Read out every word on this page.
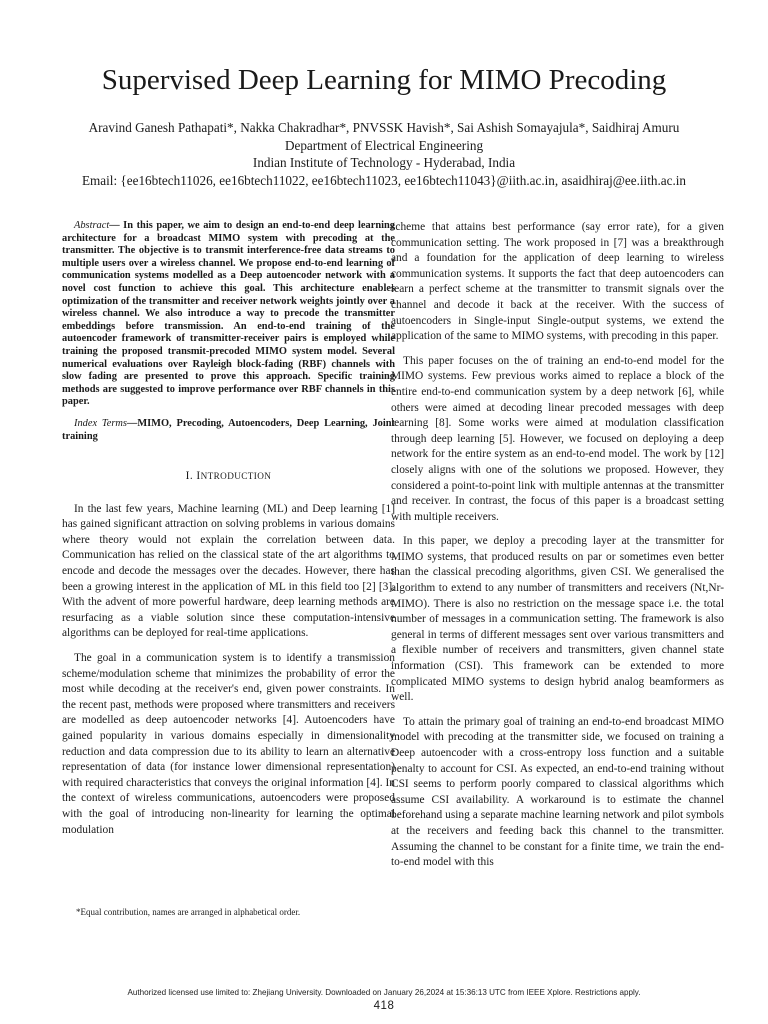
Supervised Deep Learning for MIMO Precoding
Aravind Ganesh Pathapati*, Nakka Chakradhar*, PNVSSK Havish*, Sai Ashish Somayajula*, Saidhiraj Amuru
Department of Electrical Engineering
Indian Institute of Technology - Hyderabad, India
Email: {ee16btech11026, ee16btech11022, ee16btech11023, ee16btech11043}@iith.ac.in, asaidhiraj@ee.iith.ac.in

Abstract— In this paper, we aim to design an end-to-end deep learning architecture for a broadcast MIMO system with precoding at the transmitter. The objective is to transmit interference-free data streams to multiple users over a wireless channel. We propose end-to-end learning of communication systems modelled as a Deep autoencoder network with a novel cost function to achieve this goal. This architecture enables optimization of the transmitter and receiver network weights jointly over a wireless channel. We also introduce a way to precode the transmitter embeddings before transmission. An end-to-end training of the autoencoder framework of transmitter-receiver pairs is employed while training the proposed transmit-precoded MIMO system model. Several numerical evaluations over Rayleigh block-fading (RBF) channels with slow fading are presented to prove this approach. Specific training methods are suggested to improve performance over RBF channels in this paper.

Index Terms—MIMO, Precoding, Autoencoders, Deep Learning, Joint training

I. INTRODUCTION

In the last few years, Machine learning (ML) and Deep learning [1] has gained significant attraction on solving problems in various domains where theory would not explain the correlation between data. Communication has relied on the classical state of the art algorithms to encode and decode the messages over the decades. However, there has been a growing interest in the application of ML in this field too [2] [3]. With the advent of more powerful hardware, deep learning methods are resurfacing as a viable solution since these computation-intensive algorithms can be deployed for real-time applications.

The goal in a communication system is to identify a transmission scheme/modulation scheme that minimizes the probability of error the most while decoding at the receiver's end, given power constraints. In the recent past, methods were proposed where transmitters and receivers are modelled as deep autoencoder networks [4]. Autoencoders have gained popularity in various domains especially in dimensionality reduction and data compression due to its ability to learn an alternative representation of data (for instance lower dimensional representation) with required characteristics that conveys the original information [4]. In the context of wireless communications, autoencoders were proposed with the goal of introducing non-linearity for learning the optimal modulation

scheme that attains best performance (say error rate), for a given communication setting. The work proposed in [7] was a breakthrough and a foundation for the application of deep learning to wireless communication systems. It supports the fact that deep autoencoders can learn a perfect scheme at the transmitter to transmit signals over the channel and decode it back at the receiver. With the success of autoencoders in Single-input Single-output systems, we extend the application of the same to MIMO systems, with precoding in this paper.

This paper focuses on the of training an end-to-end model for the MIMO systems. Few previous works aimed to replace a block of the entire end-to-end communication system by a deep network [6], while others were aimed at decoding linear precoded messages with deep learning [8]. Some works were aimed at modulation classification through deep learning [5]. However, we focused on deploying a deep network for the entire system as an end-to-end model. The work by [12] closely aligns with one of the solutions we proposed. However, they considered a point-to-point link with multiple antennas at the transmitter and receiver. In contrast, the focus of this paper is a broadcast setting with multiple receivers.

In this paper, we deploy a precoding layer at the transmitter for MIMO systems, that produced results on par or sometimes even better than the classical precoding algorithms, given CSI. We generalised the algorithm to extend to any number of transmitters and receivers (Nt,Nr-MIMO). There is also no restriction on the message space i.e. the total number of messages in a communication setting. The framework is also general in terms of different messages sent over various transmitters and a flexible number of receivers and transmitters, given channel state information (CSI). This framework can be extended to more complicated MIMO systems to design hybrid analog beamformers as well.

To attain the primary goal of training an end-to-end broadcast MIMO model with precoding at the transmitter side, we focused on training a Deep autoencoder with a cross-entropy loss function and a suitable penalty to account for CSI. As expected, an end-to-end training without CSI seems to perform poorly compared to classical algorithms which assume CSI availability. A workaround is to estimate the channel beforehand using a separate machine learning network and pilot symbols at the receivers and feeding back this channel to the transmitter. Assuming the channel to be constant for a finite time, we train the end-to-end model with this

*Equal contribution, names are arranged in alphabetical order.
Authorized licensed use limited to: Zhejiang University. Downloaded on January 26,2024 at 15:36:13 UTC from IEEE Xplore. Restrictions apply.
418
